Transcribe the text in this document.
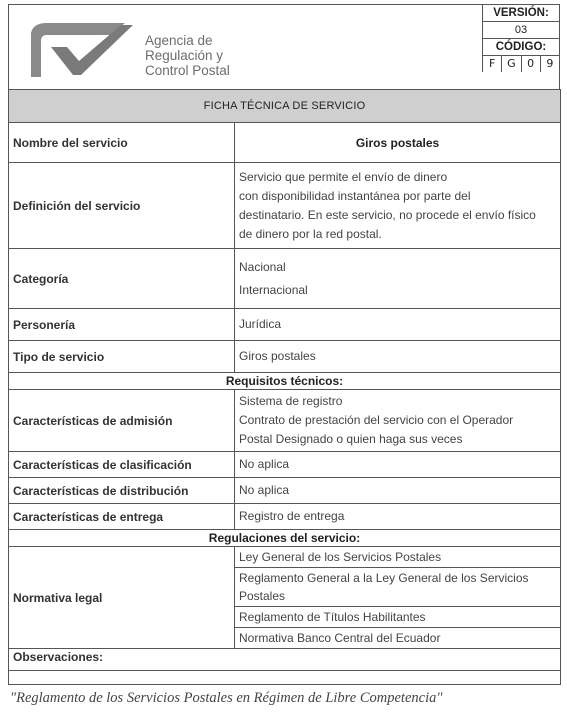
Agencia de
Regulación y
Control Postal
VERSIÓN:
03
CÓDIGO:
F	G	0	9
FICHA TÉCNICA DE SERVICIO	
Nombre del servicio	Giros postales
Definición del servicio	Servicio que permite el envío de dinero
con disponibilidad instantánea por parte del
destinatario. En este servicio, no procede el envío físico
de dinero por la red postal.

Categoría	Nacional
Internacional

Personería	Jurídica
Tipo de servicio	Giros postales
Requisitos técnicos:	
Características de admisión	Sistema de registro
Contrato de prestación del servicio con el Operador
Postal Designado o quien haga sus veces

Características de clasificación	No aplica
Características de distribución	No aplica
Características de entrega	Registro de entrega
Regulaciones del servicio:	
Normativa legal	Ley General de los Servicios Postales
Reglamento General a la Ley General de los Servicios Postales
Reglamento de Títulos Habilitantes
Normativa Banco Central del Ecuador

Observaciones:	

"Reglamento de los Servicios Postales en Régimen de Libre Competencia"
